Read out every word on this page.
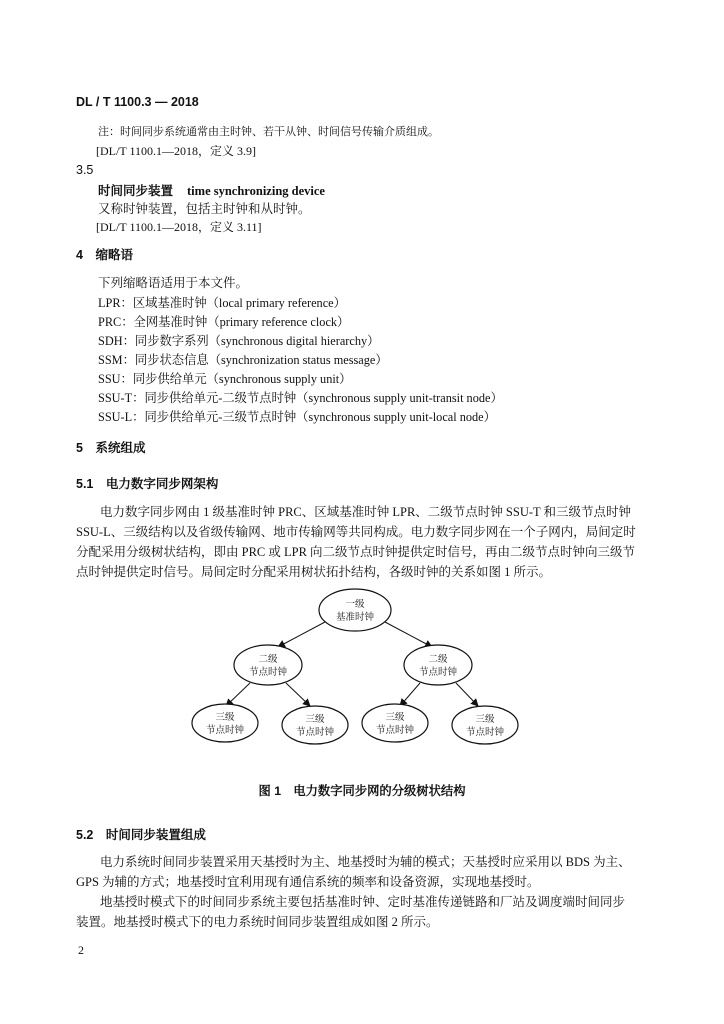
DL / T 1100.3 — 2018
注：时间同步系统通常由主时钟、若干从钟、时间信号传输介质组成。
[DL/T 1100.1—2018，定义 3.9]
3.5
时间同步装置 time synchronizing device
又称时钟装置，包括主时钟和从时钟。
[DL/T 1100.1—2018，定义 3.11]
4　缩略语
下列缩略语适用于本文件。
LPR：区域基准时钟（local primary reference）
PRC：全网基准时钟（primary reference clock）
SDH：同步数字系列（synchronous digital hierarchy）
SSM：同步状态信息（synchronization status message）
SSU：同步供给单元（synchronous supply unit）
SSU-T：同步供给单元-二级节点时钟（synchronous supply unit-transit node）
SSU-L：同步供给单元-三级节点时钟（synchronous supply unit-local node）
5　系统组成
5.1　电力数字同步网架构
电力数字同步网由 1 级基准时钟 PRC、区域基准时钟 LPR、二级节点时钟 SSU-T 和三级节点时钟
SSU-L、三级结构以及省级传输网、地市传输网等共同构成。电力数字同步网在一个子网内，局间定时
分配采用分级树状结构，即由 PRC 或 LPR 向二级节点时钟提供定时信号，再由二级节点时钟向三级节
点时钟提供定时信号。局间定时分配采用树状拓扑结构，各级时钟的关系如图 1 所示。
一级
基准时钟
二级
节点时钟
二级
节点时钟
三级
节点时钟
三级
节点时钟
三级
节点时钟
三级
节点时钟
图 1　电力数字同步网的分级树状结构
5.2　时间同步装置组成
电力系统时间同步装置采用天基授时为主、地基授时为辅的模式；天基授时应采用以 BDS 为主、
GPS 为辅的方式；地基授时宜利用现有通信系统的频率和设备资源，实现地基授时。
地基授时模式下的时间同步系统主要包括基准时钟、定时基准传递链路和厂站及调度端时间同步
装置。地基授时模式下的电力系统时间同步装置组成如图 2 所示。
2
